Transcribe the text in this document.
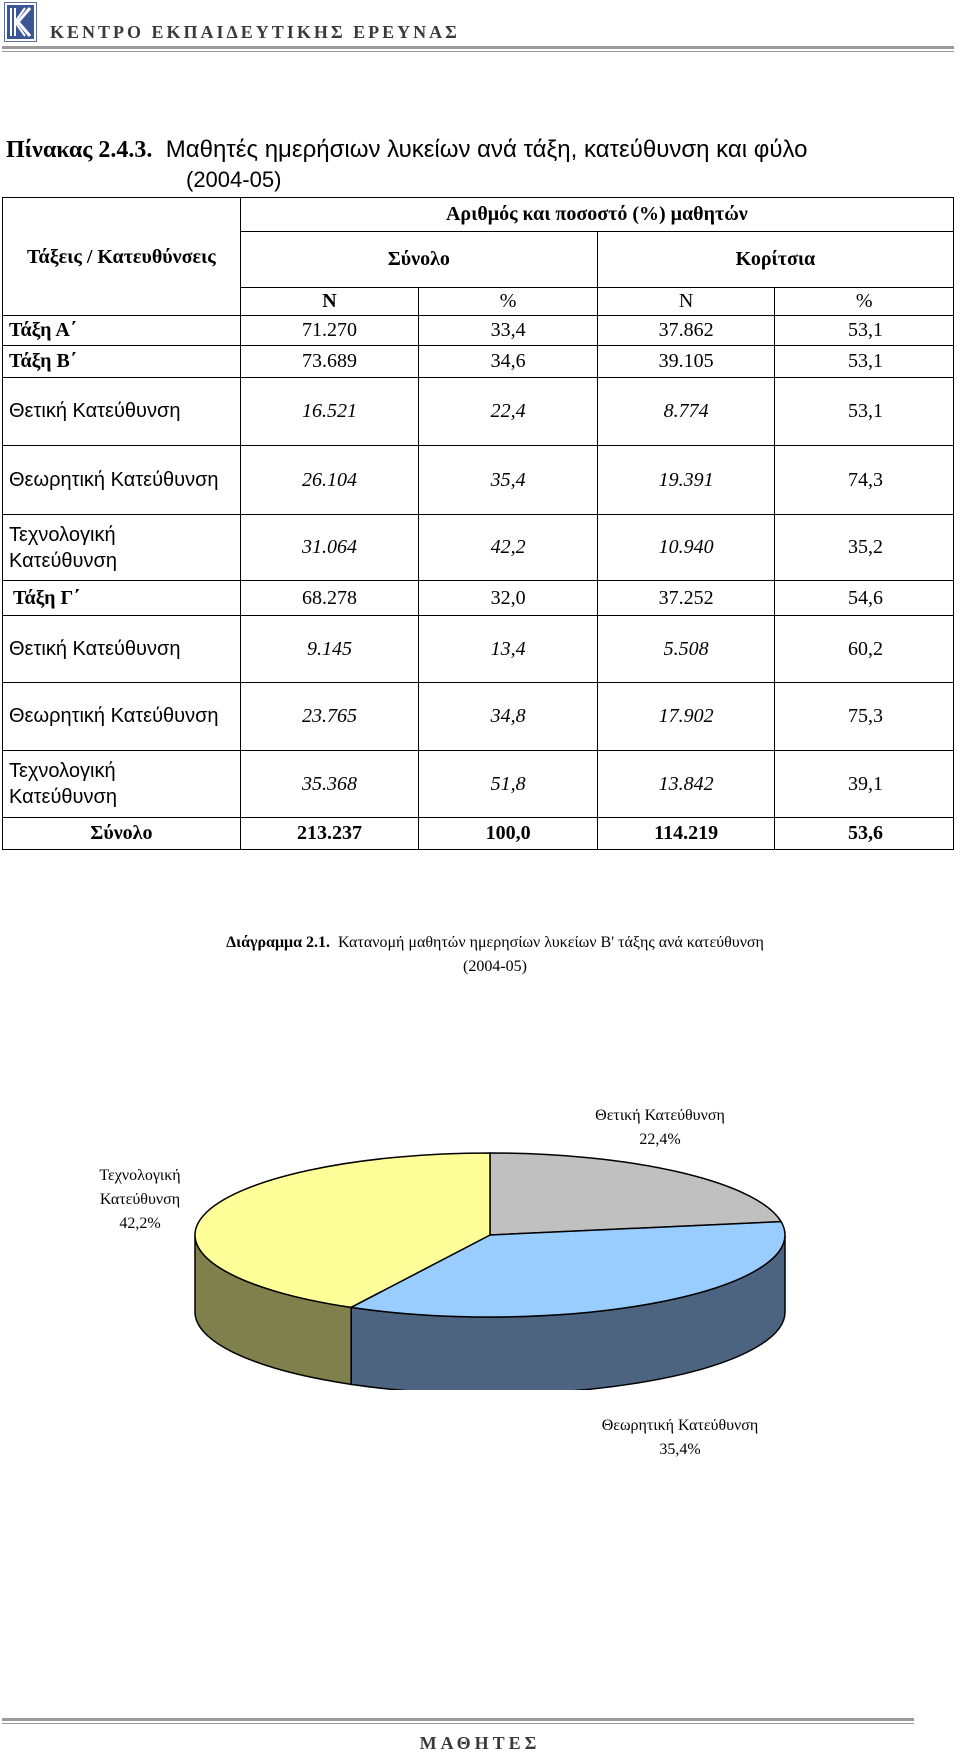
ΚΕΝΤΡΟ ΕΚΠΑΙΔΕΥΤΙΚΗΣ ΕΡΕΥΝΑΣ
Πίνακας 2.4.3. Μαθητές ημερήσιων λυκείων ανά τάξη, κατεύθυνση και φύλο
(2004-05)
Τάξεις / Κατευθύνσεις	Αριθμός και ποσοστό (%) μαθητών			
	Σύνολο		Κορίτσια	
	Ν	%	Ν	%
Τάξη Α΄	71.270	33,4	37.862	53,1
Τάξη Β΄	73.689	34,6	39.105	53,1
Θετική Κατεύθυνση	16.521	22,4	8.774	53,1
Θεωρητική Κατεύθυνση	26.104	35,4	19.391	74,3
Τεχνολογική Κατεύθυνση	31.064	42,2	10.940	35,2
Τάξη Γ΄	68.278	32,0	37.252	54,6
Θετική Κατεύθυνση	9.145	13,4	5.508	60,2
Θεωρητική Κατεύθυνση	23.765	34,8	17.902	75,3
Τεχνολογική Κατεύθυνση	35.368	51,8	13.842	39,1
Σύνολο	213.237	100,0	114.219	53,6
Διάγραμμα 2.1. Κατανομή μαθητών ημερησίων λυκείων Β' τάξης ανά κατεύθυνση
(2004-05)
Θετική Κατεύθυνση
22,4%
Τεχνολογική
Κατεύθυνση
42,2%
Θεωρητική Κατεύθυνση
35,4%
ΜΑΘΗΤΕΣ
